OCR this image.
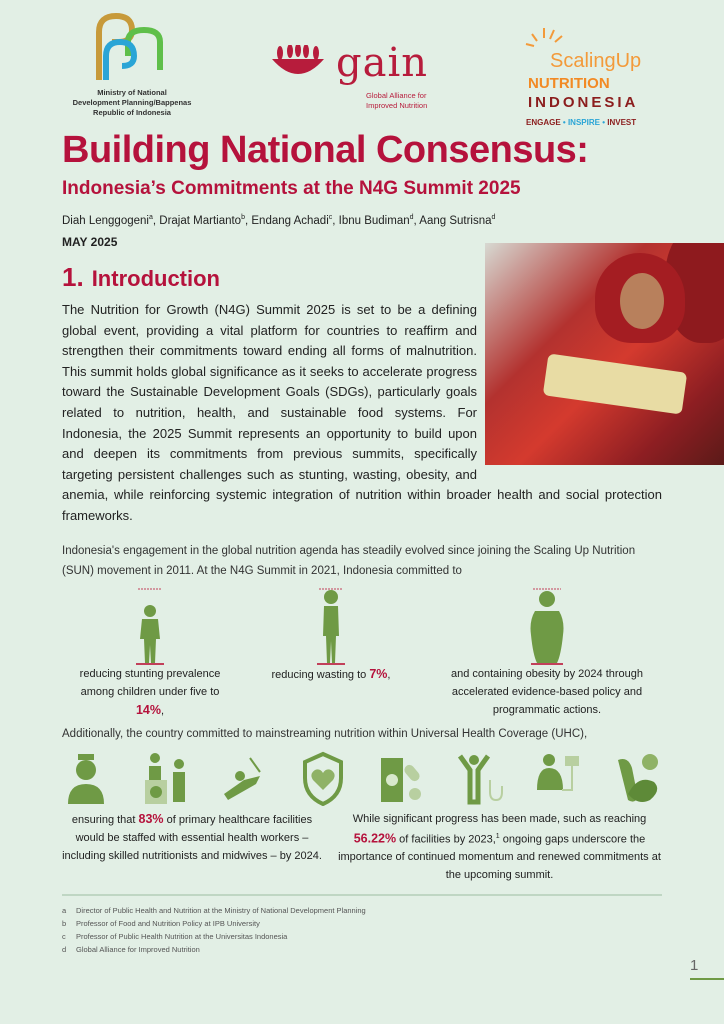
Ministry of National
Development Planning/Bappenas
Republic of Indonesia
gain
Global Alliance for
Improved Nutrition
ScalingUp
NUTRITION
INDONESIA
ENGAGE • INSPIRE • INVEST
Building National Consensus:
Indonesia’s Commitments at the N4G Summit 2025
Diah Lenggogeni$^a$, Drajat Martianto$^b$, Endang Achadi$^c$, Ibnu Budiman$^d$, Aang Sutrisna$^d$
MAY 2025
1. Introduction
The Nutrition for Growth (N4G) Summit 2025 is set to be a defining global event, providing a vital platform for countries to reaffirm and strengthen their commitments toward ending all forms of malnutrition. This summit holds global significance as it seeks to accelerate progress toward the Sustainable Development Goals (SDGs), particularly goals related to nutrition, health, and sustainable food systems. For Indonesia, the 2025 Summit represents an opportunity to build upon and deepen its commitments from previous summits, specifically targeting persistent challenges such as stunting, wasting, obesity, and anemia, while reinforcing systemic integration of nutrition within broader health and social protection frameworks.
Indonesia's engagement in the global nutrition agenda has steadily evolved since joining the Scaling Up Nutrition (SUN) movement in 2011. At the N4G Summit in 2021, Indonesia committed to
reducing stunting prevalence among children under five to 14%,
reducing wasting to 7%,	and containing obesity by 2024 through accelerated evidence-based policy and programmatic actions.
Additionally, the country committed to mainstreaming nutrition within Universal Health Coverage (UHC),
ensuring that 83% of primary healthcare facilities would be staffed with essential health workers – including skilled nutritionists and midwives – by 2024.
While significant progress has been made, such as reaching 56.22% of facilities by 2023,$^1$ ongoing gaps underscore the importance of continued momentum and renewed commitments at the upcoming summit.
a Director of Public Health and Nutrition at the Ministry of National Development Planning
b Professor of Food and Nutrition Policy at IPB University
c Professor of Public Health Nutrition at the Universitas Indonesia
d Global Alliance for Improved Nutrition
1
